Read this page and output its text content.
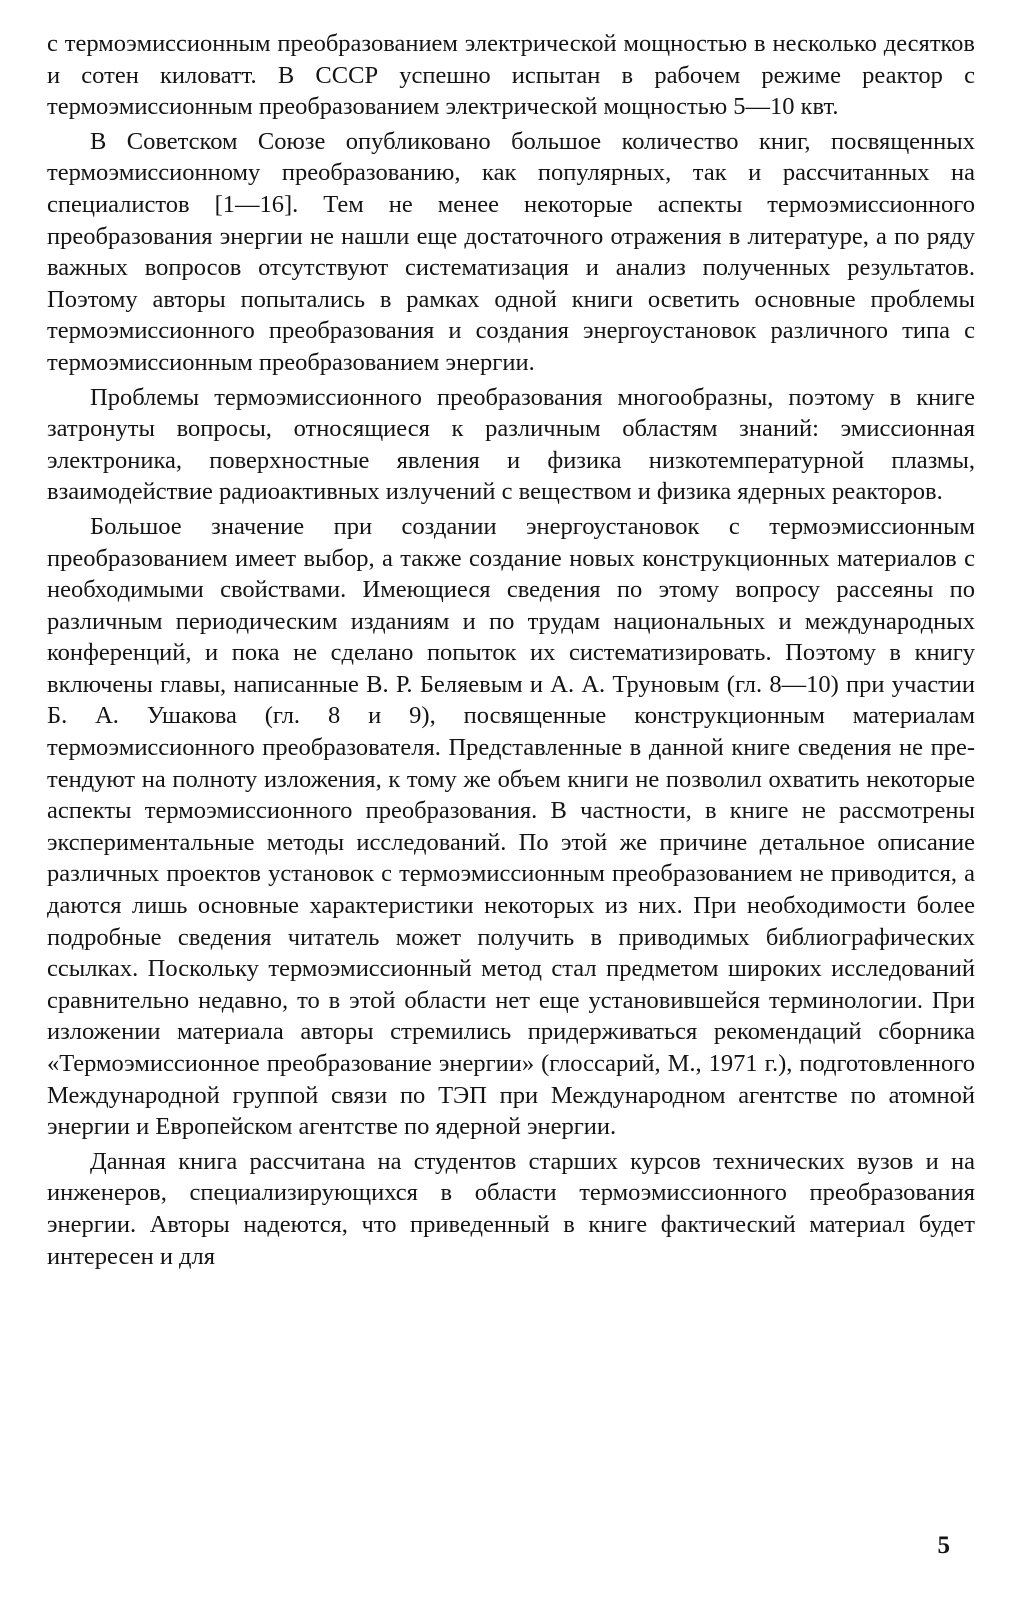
с термоэмиссионным преобразованием электрической мощностью в несколько десятков и сотен киловатт. В СССР успешно испытан в рабочем режиме реактор с термоэмиссионным преобразованием электрической мощностью 5—10 квт.

В Советском Союзе опубликовано большое количество книг, посвященных термоэмиссионному преобразованию, как популярных, так и рассчитанных на специалистов [1—16]. Тем не менее некоторые аспекты термоэмиссионного преобразования энергии не нашли еще достаточного отражения в литературе, а по ряду важных вопросов отсутствуют систематизация и анализ полученных результатов. Поэтому авторы попытались в рамках одной книги осветить основные проблемы термоэмиссионного преобразования и создания энергоустановок различного типа с термоэмиссионным преобразованием энергии.

Проблемы термоэмиссионного преобразования многообразны, поэтому в книге затронуты вопросы, относящиеся к различным областям знаний: эмиссионная электроника, поверхностные явления и физика низкотемпературной плазмы, взаимодействие радиоактивных излучений с веществом и физика ядерных реакторов.

Большое значение при создании энергоустановок с термоэмиссионным преобразованием имеет выбор, а также создание новых конструкционных материалов с необходимыми свойствами. Имеющиеся сведения по этому вопросу рассеяны по различным периодическим изданиям и по трудам национальных и международных конференций, и пока не сделано попыток их систематизировать. Поэтому в книгу включены главы, написанные В. Р. Беляевым и А. А. Труновым (гл. 8—10) при участии Б. А. Ушакова (гл. 8 и 9), посвященные конструкционным материалам термоэмиссионного преобразователя. Представленные в данной книге сведения не претендуют на полноту изложения, к тому же объем книги не позволил охватить некоторые аспекты термоэмиссионного преобразования. В частности, в книге не рассмотрены экспериментальные методы исследований. По этой же причине детальное описание различных проектов установок с термоэмиссионным преобразованием не приводится, а даются лишь основные характеристики некоторых из них. При необходимости более подробные сведения читатель может получить в приводимых библиографических ссылках. Поскольку термоэмиссионный метод стал предметом широких исследований сравнительно недавно, то в этой области нет еще установившейся терминологии. При изложении материала авторы стремились придерживаться рекомендаций сборника «Термоэмиссионное преобразование энергии» (глоссарий, М., 1971 г.), подготовленного Международной группой связи по ТЭП при Международном агентстве по атомной энергии и Европейском агентстве по ядерной энергии.

Данная книга рассчитана на студентов старших курсов технических вузов и на инженеров, специализирующихся в области термоэмиссионного преобразования энергии. Авторы надеются, что приведенный в книге фактический материал будет интересен и для

5
